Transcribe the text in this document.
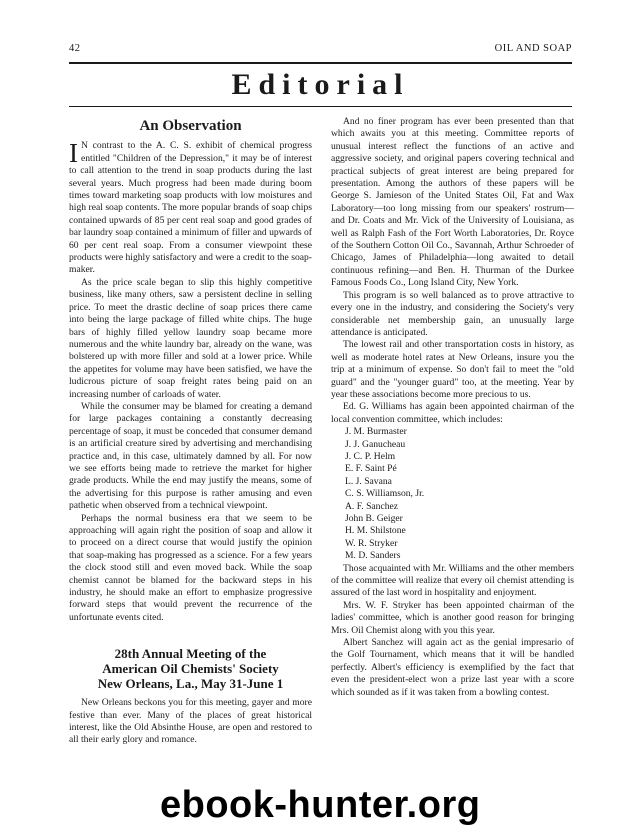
42	OIL AND SOAP
Editorial
An Observation

I N contrast to the A. C. S. exhibit of chemical progress entitled "Children of the Depression," it may be of interest to call attention to the trend in soap products during the last several years. Much progress had been made during boom times toward marketing soap products with low moistures and high real soap contents. The more popular brands of soap chips contained upwards of 85 per cent real soap and good grades of bar laundry soap contained a minimum of filler and upwards of 60 per cent real soap. From a consumer viewpoint these products were highly satisfactory and were a credit to the soap-maker.

As the price scale began to slip this highly competitive business, like many others, saw a persistent decline in selling price. To meet the drastic decline of soap prices there came into being the large package of filled white chips. The huge bars of highly filled yellow laundry soap became more numerous and the white laundry bar, already on the wane, was bolstered up with more filler and sold at a lower price. While the appetites for volume may have been satisfied, we have the ludicrous picture of soap freight rates being paid on an increasing number of carloads of water.

While the consumer may be blamed for creating a demand for large packages containing a constantly decreasing percentage of soap, it must be conceded that consumer demand is an artificial creature sired by advertising and merchandising practice and, in this case, ultimately damned by all. For now we see efforts being made to retrieve the market for higher grade products. While the end may justify the means, some of the advertising for this purpose is rather amusing and even pathetic when observed from a technical viewpoint.

Perhaps the normal business era that we seem to be approaching will again right the position of soap and allow it to proceed on a direct course that would justify the opinion that soap-making has progressed as a science. For a few years the clock stood still and even moved back. While the soap chemist cannot be blamed for the backward steps in his industry, he should make an effort to emphasize progressive forward steps that would prevent the recurrence of the unfortunate events cited.

28th Annual Meeting of the
American Oil Chemists' Society
New Orleans, La., May 31-June 1

New Orleans beckons you for this meeting, gayer and more festive than ever. Many of the places of great historical interest, like the Old Absinthe House, are open and restored to all their early glory and romance.

And no finer program has ever been presented than that which awaits you at this meeting. Committee reports of unusual interest reflect the functions of an active and aggressive society, and original papers covering technical and practical subjects of great interest are being prepared for presentation. Among the authors of these papers will be George S. Jamieson of the United States Oil, Fat and Wax Laboratory—too long missing from our speakers' rostrum—and Dr. Coats and Mr. Vick of the University of Louisiana, as well as Ralph Fash of the Fort Worth Laboratories, Dr. Royce of the Southern Cotton Oil Co., Savannah, Arthur Schroeder of Chicago, James of Philadelphia—long awaited to detail continuous refining—and Ben. H. Thurman of the Durkee Famous Foods Co., Long Island City, New York.

This program is so well balanced as to prove attractive to every one in the industry, and considering the Society's very considerable net membership gain, an unusually large attendance is anticipated.

The lowest rail and other transportation costs in history, as well as moderate hotel rates at New Orleans, insure you the trip at a minimum of expense. So don't fail to meet the "old guard" and the "younger guard" too, at the meeting. Year by year these associations become more precious to us.

Ed. G. Williams has again been appointed chairman of the local convention committee, which includes:

J. M. Burmaster
J. J. Ganucheau
J. C. P. Helm
E. F. Saint Pé
L. J. Savana
C. S. Williamson, Jr.
A. F. Sanchez
John B. Geiger
H. M. Shilstone
W. R. Stryker
M. D. Sanders

Those acquainted with Mr. Williams and the other members of the committee will realize that every oil chemist attending is assured of the last word in hospitality and enjoyment.

Mrs. W. F. Stryker has been appointed chairman of the ladies' committee, which is another good reason for bringing Mrs. Oil Chemist along with you this year.

Albert Sanchez will again act as the genial impresario of the Golf Tournament, which means that it will be handled perfectly. Albert's efficiency is exemplified by the fact that even the president-elect won a prize last year with a score which sounded as if it was taken from a bowling contest.

ebook-hunter.org
